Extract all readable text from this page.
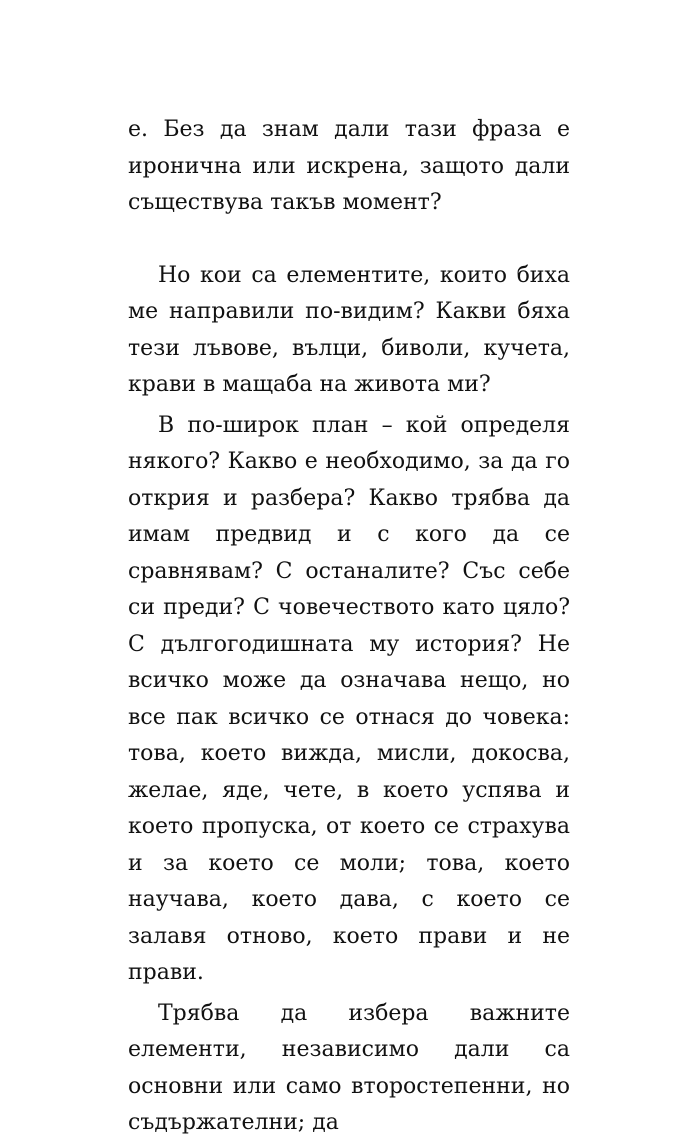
е. Без да знам дали тази фраза е иронична или искрена, защото дали съществува такъв момент?

Но кои са елементите, които биха ме направили по-видим? Какви бяха тези лъвове, вълци, биволи, кучета, крави в мащаба на живота ми?

В по-широк план – кой определя някого? Какво е необходимо, за да го открия и разбера? Какво трябва да имам предвид и с кого да се сравнявам? С останалите? Със себе си преди? С човечеството като цяло? С дългогодишната му история? Не всичко може да означава нещо, но все пак всичко се отнася до човека: това, което вижда, мисли, докосва, желае, яде, чете, в което успява и което пропуска, от което се страхува и за което се моли; това, което научава, което дава, с което се залавя отново, което прави и не прави.

Трябва да избера важните елементи, независимо дали са основни или само второстепенни, но съдържателни; да
